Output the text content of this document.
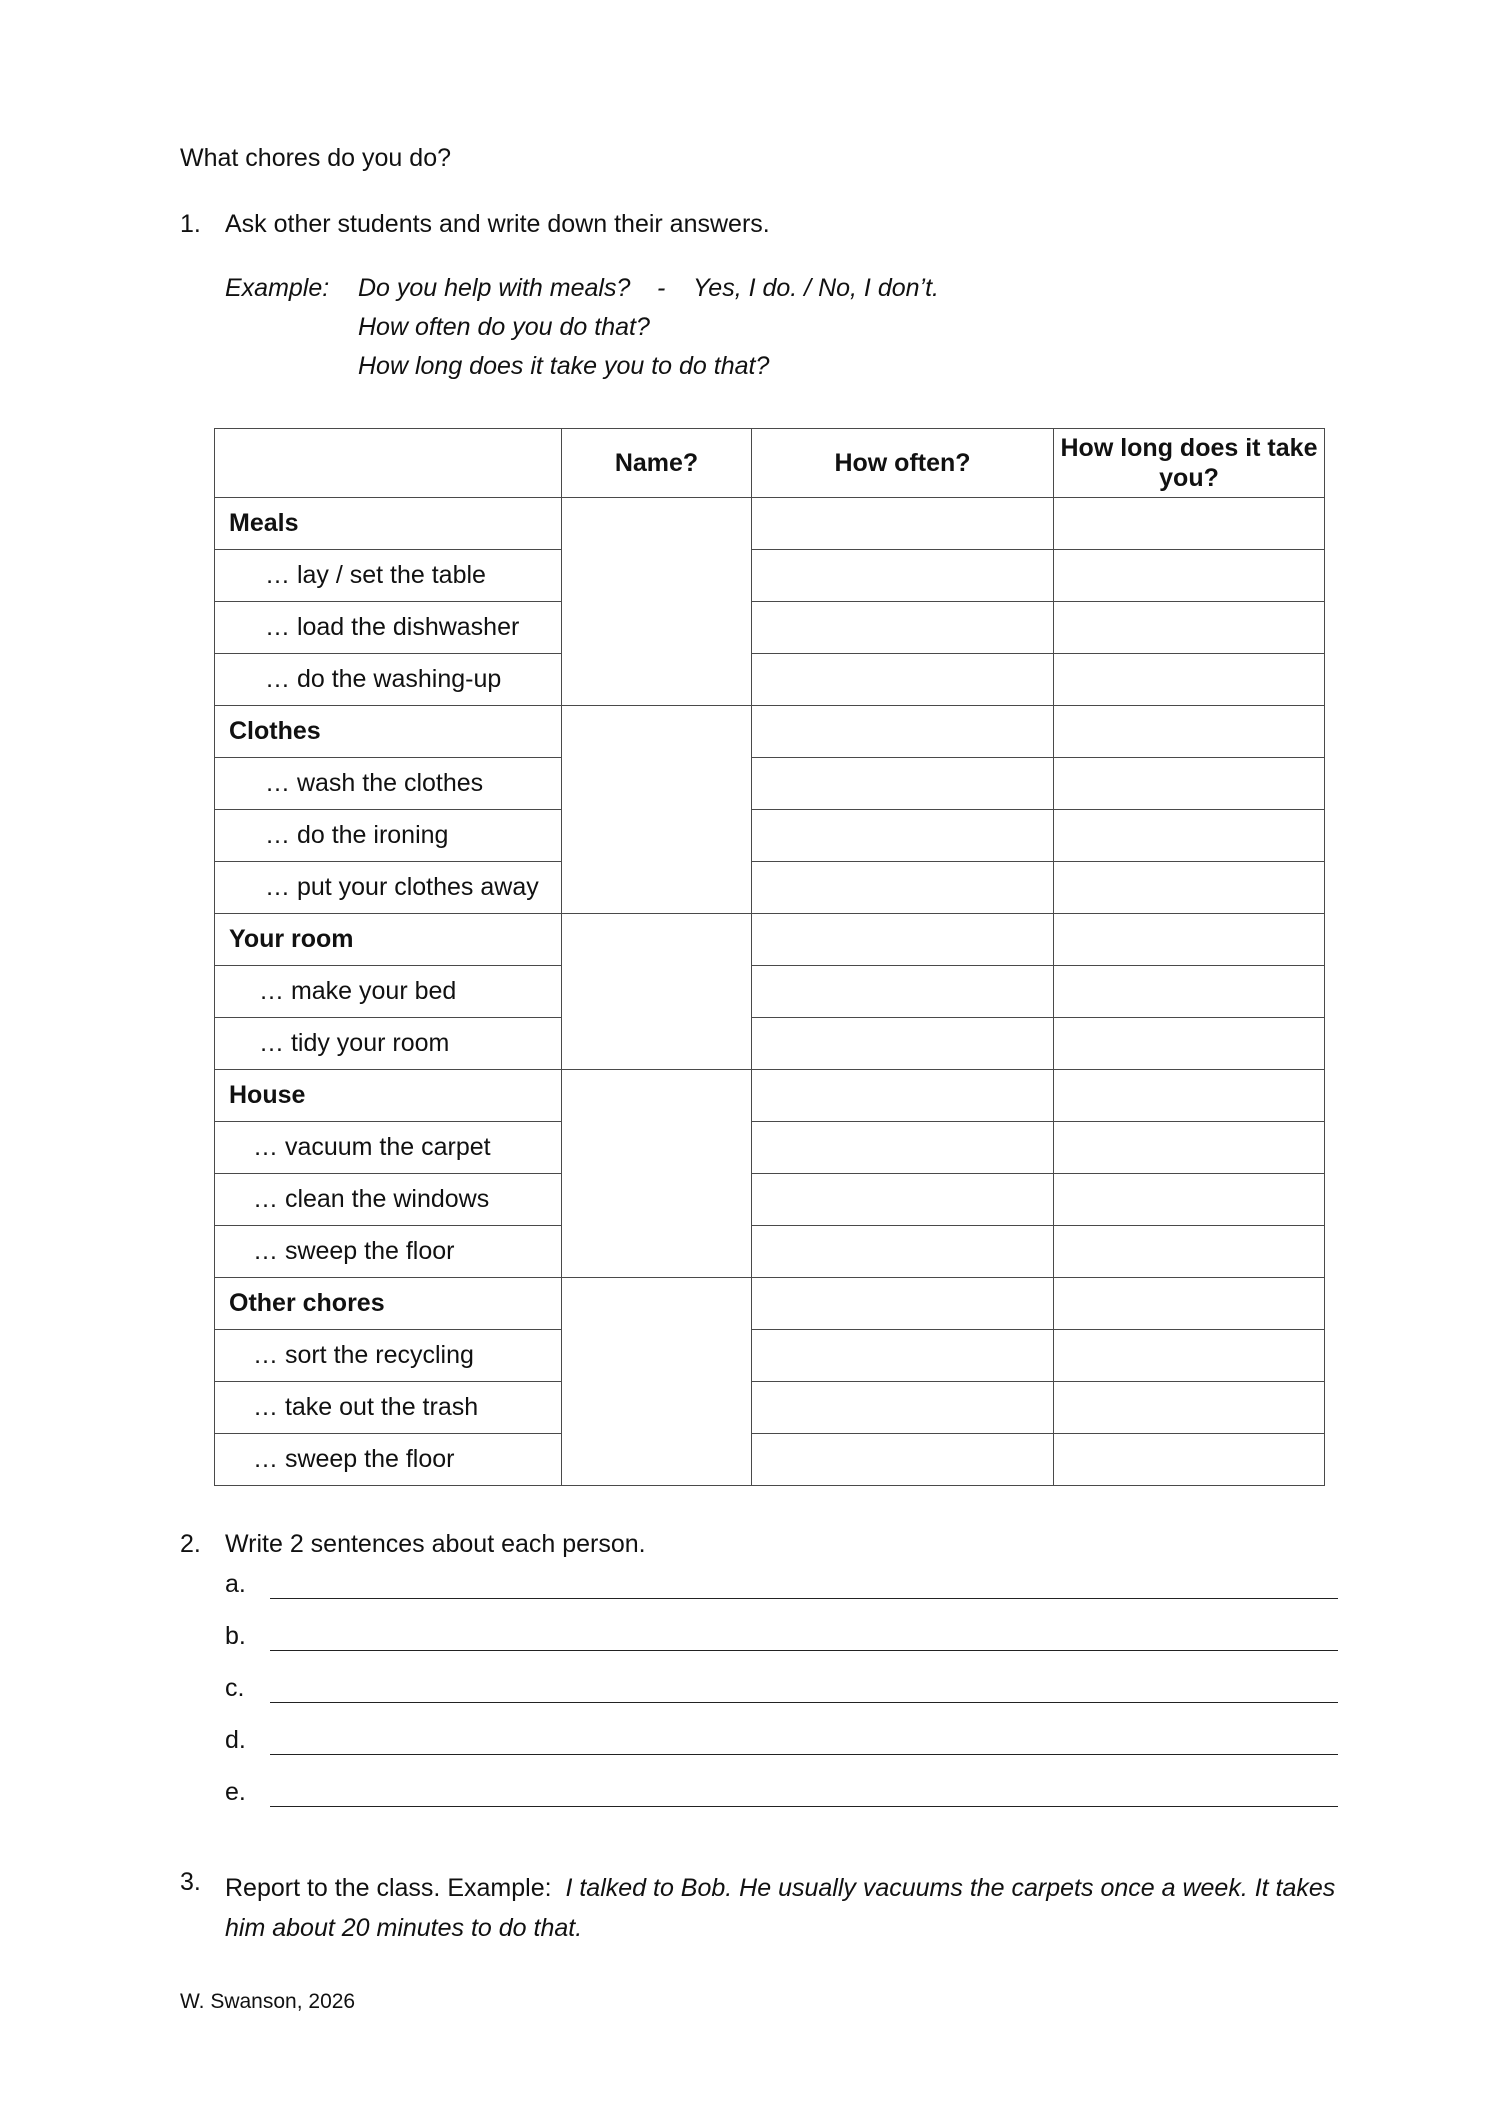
What chores do you do?
1. Ask other students and write down their answers.
Example: Do you help with meals? - Yes, I do. / No, I don’t.
How often do you do that?
How long does it take you to do that?
	Name?	How often?	How long does it take you?
Meals			
… lay / set the table			
… load the dishwasher			
… do the washing-up			
Clothes			
… wash the clothes			
… do the ironing			
… put your clothes away			
Your room			
… make your bed			
… tidy your room			
House			
… vacuum the carpet			
… clean the windows			
… sweep the floor			
Other chores			
… sort the recycling			
… take out the trash			
… sweep the floor			
2. Write 2 sentences about each person.
a.
b.
c.
d.
e.
3. Report to the class. Example: I talked to Bob. He usually vacuums the carpets once a week. It takes him about 20 minutes to do that.
W. Swanson, 2026
